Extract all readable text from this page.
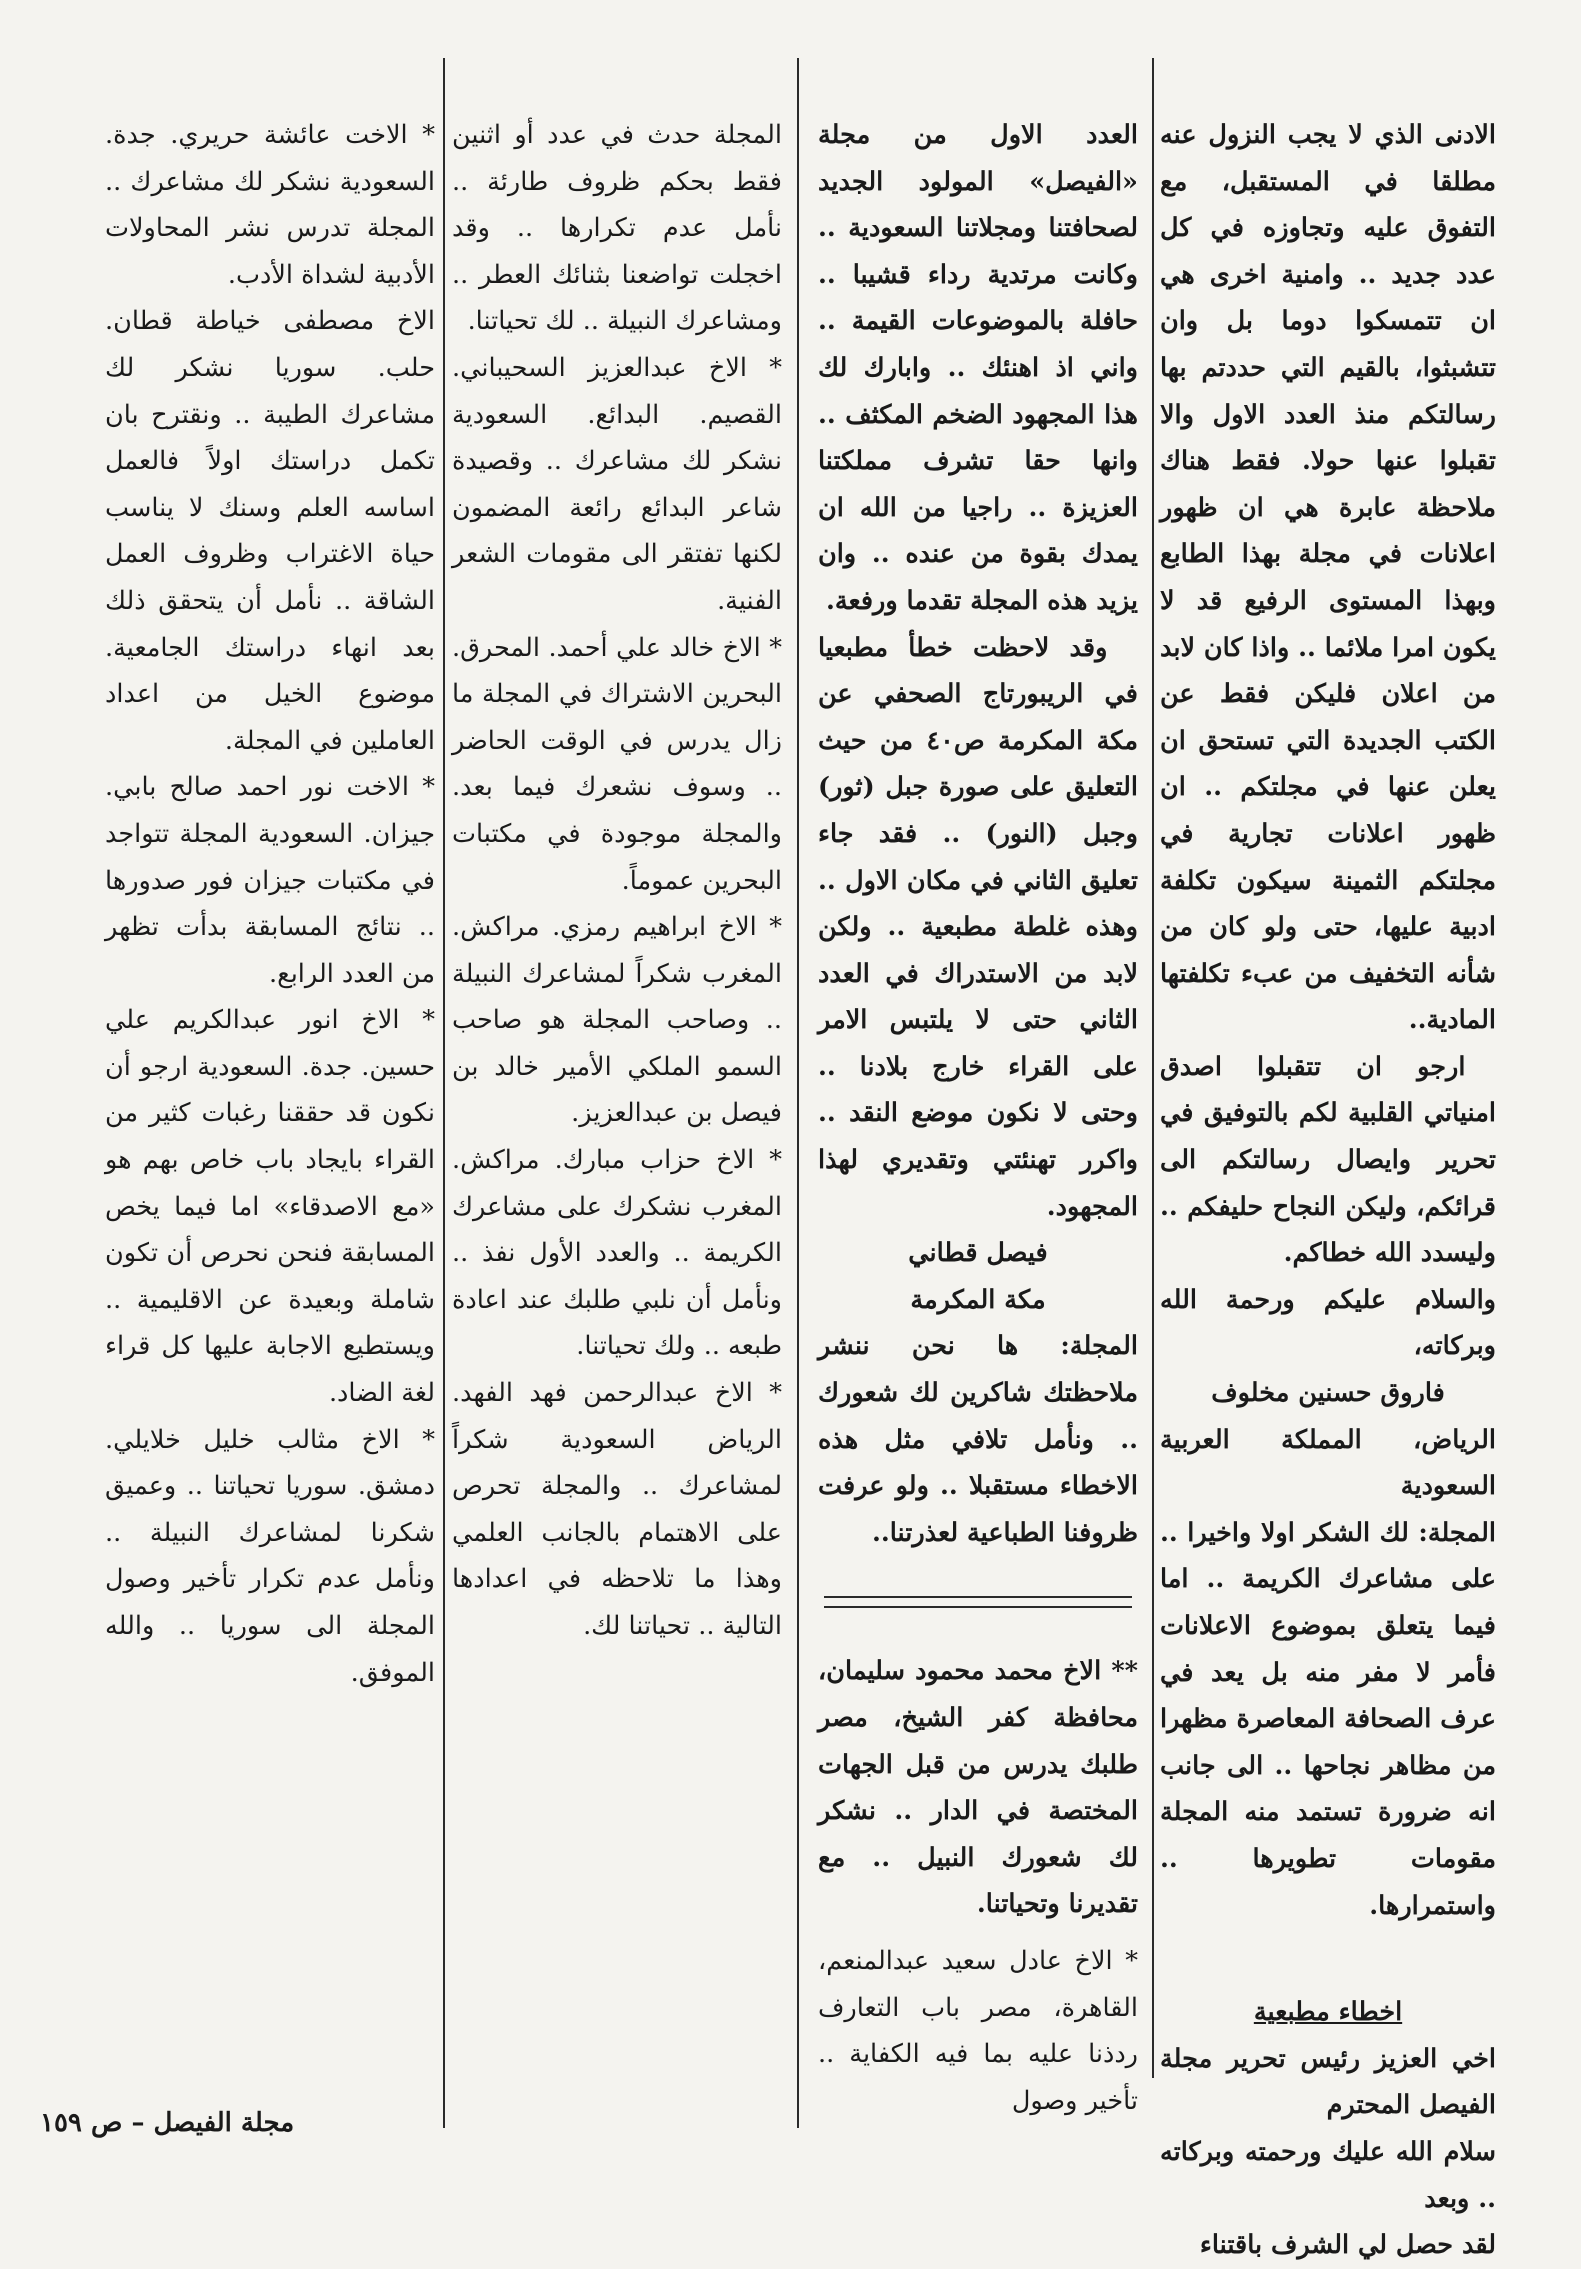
الادنى الذي لا يجب النزول عنه مطلقا في المستقبل، مع التفوق عليه وتجاوزه في كل عدد جديد .. وامنية اخرى هي ان تتمسكوا دوما بل وان تتشبثوا، بالقيم التي حددتم بها رسالتكم منذ العدد الاول والا تقبلوا عنها حولا. فقط هناك ملاحظة عابرة هي ان ظهور اعلانات في مجلة بهذا الطابع وبهذا المستوى الرفيع قد لا يكون امرا ملائما .. واذا كان لابد من اعلان فليكن فقط عن الكتب الجديدة التي تستحق ان يعلن عنها في مجلتكم .. ان ظهور اعلانات تجارية في مجلتكم الثمينة سيكون تكلفة ادبية عليها، حتى ولو كان من شأنه التخفيف من عبء تكلفتها المادية..

ارجو ان تتقبلوا اصدق امنياتي القلبية لكم بالتوفيق في تحرير وايصال رسالتكم الى قرائكم، وليكن النجاح حليفكم .. وليسدد الله خطاكم.

والسلام عليكم ورحمة الله وبركاته،

فاروق حسنين مخلوف

الرياض، المملكة العربية السعودية

المجلة: لك الشكر اولا واخيرا .. على مشاعرك الكريمة .. اما فيما يتعلق بموضوع الاعلانات فأمر لا مفر منه بل يعد في عرف الصحافة المعاصرة مظهرا من مظاهر نجاحها .. الى جانب انه ضرورة تستمد منه المجلة مقومات تطويرها .. واستمرارها.

اخطاء مطبعية

اخي العزيز رئيس تحرير مجلة الفيصل المحترم

سلام الله عليك ورحمته وبركاته .. وبعد

لقد حصل لي الشرف باقتناء

العدد الاول من مجلة «الفيصل» المولود الجديد لصحافتنا ومجلاتنا السعودية .. وكانت مرتدية رداء قشيبا .. حافلة بالموضوعات القيمة .. واني اذ اهنئك .. وابارك لك هذا المجهود الضخم المكثف .. وانها حقا تشرف مملكتنا العزيزة .. راجيا من الله ان يمدك بقوة من عنده .. وان يزيد هذه المجلة تقدما ورفعة.

وقد لاحظت خطأ مطبعيا في الريبورتاج الصحفي عن مكة المكرمة ص٤٠ من حيث التعليق على صورة جبل (ثور) وجبل (النور) .. فقد جاء تعليق الثاني في مكان الاول .. وهذه غلطة مطبعية .. ولكن لابد من الاستدراك في العدد الثاني حتى لا يلتبس الامر على القراء خارج بلادنا .. وحتى لا نكون موضع النقد .. واكرر تهنئتي وتقديري لهذا المجهود.

فيصل قطاني

مكة المكرمة

المجلة: ها نحن ننشر ملاحظتك شاكرين لك شعورك .. ونأمل تلافي مثل هذه الاخطاء مستقبلا .. ولو عرفت ظروفنا الطباعية لعذرتنا..

** الاخ محمد محمود سليمان، محافظة كفر الشيخ، مصر طلبك يدرس من قبل الجهات المختصة في الدار .. نشكر لك شعورك النبيل .. مع تقديرنا وتحياتنا.

* الاخ عادل سعيد عبدالمنعم، القاهرة، مصر باب التعارف ردذنا عليه بما فيه الكفاية .. تأخير وصول

المجلة حدث في عدد أو اثنين فقط بحكم ظروف طارئة .. نأمل عدم تكرارها .. وقد اخجلت تواضعنا بثنائك العطر .. ومشاعرك النبيلة .. لك تحياتنا.

* الاخ عبدالعزيز السحيباني. القصيم. البدائع. السعودية نشكر لك مشاعرك .. وقصيدة شاعر البدائع رائعة المضمون لكنها تفتقر الى مقومات الشعر الفنية.

* الاخ خالد علي أحمد. المحرق. البحرين الاشتراك في المجلة ما زال يدرس في الوقت الحاضر .. وسوف نشعرك فيما بعد. والمجلة موجودة في مكتبات البحرين عموماً.

* الاخ ابراهيم رمزي. مراكش. المغرب شكراً لمشاعرك النبيلة .. وصاحب المجلة هو صاحب السمو الملكي الأمير خالد بن فيصل بن عبدالعزيز.

* الاخ حزاب مبارك. مراكش. المغرب نشكرك على مشاعرك الكريمة .. والعدد الأول نفذ .. ونأمل أن نلبي طلبك عند اعادة طبعه .. ولك تحياتنا.

* الاخ عبدالرحمن فهد الفهد. الرياض السعودية شكراً لمشاعرك .. والمجلة تحرص على الاهتمام بالجانب العلمي وهذا ما تلاحظه في اعدادها التالية .. تحياتنا لك.

* الاخت عائشة حريري. جدة. السعودية نشكر لك مشاعرك .. المجلة تدرس نشر المحاولات الأدبية لشداة الأدب.

الاخ مصطفى خياطة قطان. حلب. سوريا نشكر لك مشاعرك الطيبة .. ونقترح بان تكمل دراستك اولاً فالعمل اساسه العلم وسنك لا يناسب حياة الاغتراب وظروف العمل الشاقة .. نأمل أن يتحقق ذلك بعد انهاء دراستك الجامعية. موضوع الخيل من اعداد العاملين في المجلة.

* الاخت نور احمد صالح بابي. جيزان. السعودية المجلة تتواجد في مكتبات جيزان فور صدورها .. نتائج المسابقة بدأت تظهر من العدد الرابع.

* الاخ انور عبدالكريم علي حسين. جدة. السعودية ارجو أن نكون قد حققنا رغبات كثير من القراء بايجاد باب خاص بهم هو «مع الاصدقاء» اما فيما يخص المسابقة فنحن نحرص أن تكون شاملة وبعيدة عن الاقليمية .. ويستطيع الاجابة عليها كل قراء لغة الضاد.

* الاخ مثالب خليل خلايلي. دمشق. سوريا تحياتنا .. وعميق شكرنا لمشاعرك النبيلة .. ونأمل عدم تكرار تأخير وصول المجلة الى سوريا .. والله الموفق.

مجلة الفيصل – ص ١٥٩
